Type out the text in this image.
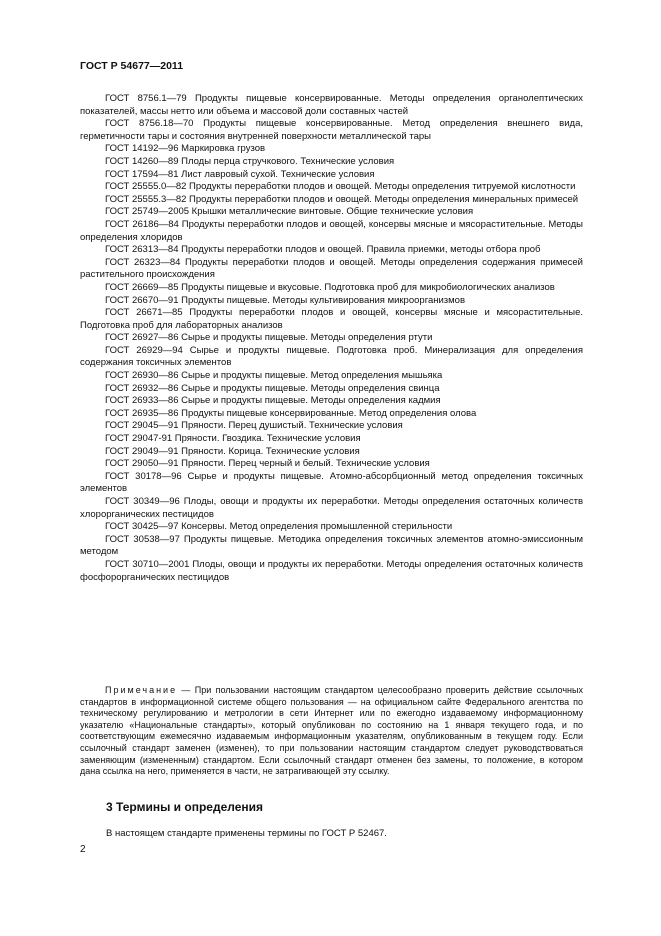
ГОСТ Р 54677—2011

ГОСТ 8756.1—79 Продукты пищевые консервированные. Методы определения органолептических показателей, массы нетто или объема и массовой доли составных частей

ГОСТ 8756.18—70 Продукты пищевые консервированные. Метод определения внешнего вида, герметичности тары и состояния внутренней поверхности металлической тары

ГОСТ 14192—96 Маркировка грузов

ГОСТ 14260—89 Плоды перца стручкового. Технические условия

ГОСТ 17594—81 Лист лавровый сухой. Технические условия

ГОСТ 25555.0—82 Продукты переработки плодов и овощей. Методы определения титруемой кислотности

ГОСТ 25555.3—82 Продукты переработки плодов и овощей. Методы определения минеральных примесей

ГОСТ 25749—2005 Крышки металлические винтовые. Общие технические условия

ГОСТ 26186—84 Продукты переработки плодов и овощей, консервы мясные и мясорастительные. Методы определения хлоридов

ГОСТ 26313—84 Продукты переработки плодов и овощей. Правила приемки, методы отбора проб

ГОСТ 26323—84 Продукты переработки плодов и овощей. Методы определения содержания примесей растительного происхождения

ГОСТ 26669—85 Продукты пищевые и вкусовые. Подготовка проб для микробиологических анализов

ГОСТ 26670—91 Продукты пищевые. Методы культивирования микроорганизмов

ГОСТ 26671—85 Продукты переработки плодов и овощей, консервы мясные и мясорастительные. Подготовка проб для лабораторных анализов

ГОСТ 26927—86 Сырье и продукты пищевые. Методы определения ртути

ГОСТ 26929—94 Сырье и продукты пищевые. Подготовка проб. Минерализация для определения содержания токсичных элементов

ГОСТ 26930—86 Сырье и продукты пищевые. Метод определения мышьяка

ГОСТ 26932—86 Сырье и продукты пищевые. Методы определения свинца

ГОСТ 26933—86 Сырье и продукты пищевые. Методы определения кадмия

ГОСТ 26935—86 Продукты пищевые консервированные. Метод определения олова

ГОСТ 29045—91 Пряности. Перец душистый. Технические условия

ГОСТ 29047-91 Пряности. Гвоздика. Технические условия

ГОСТ 29049—91 Пряности. Корица. Технические условия

ГОСТ 29050—91 Пряности. Перец черный и белый. Технические условия

ГОСТ 30178—96 Сырье и продукты пищевые. Атомно-абсорбционный метод определения токсичных элементов

ГОСТ 30349—96 Плоды, овощи и продукты их переработки. Методы определения остаточных количеств хлорорганических пестицидов

ГОСТ 30425—97 Консервы. Метод определения промышленной стерильности

ГОСТ 30538—97 Продукты пищевые. Методика определения токсичных элементов атомно-эмиссионным методом

ГОСТ 30710—2001 Плоды, овощи и продукты их переработки. Методы определения остаточных количеств фосфорорганических пестицидов

Примечание — При пользовании настоящим стандартом целесообразно проверить действие ссылочных стандартов в информационной системе общего пользования — на официальном сайте Федерального агентства по техническому регулированию и метрологии в сети Интернет или по ежегодно издаваемому информационному указателю «Национальные стандарты», который опубликован по состоянию на 1 января текущего года, и по соответствующим ежемесячно издаваемым информационным указателям, опубликованным в текущем году. Если ссылочный стандарт заменен (изменен), то при пользовании настоящим стандартом следует руководствоваться заменяющим (измененным) стандартом. Если ссылочный стандарт отменен без замены, то положение, в котором дана ссылка на него, применяется в части, не затрагивающей эту ссылку.

3 Термины и определения

В настоящем стандарте применены термины по ГОСТ Р 52467.

2
